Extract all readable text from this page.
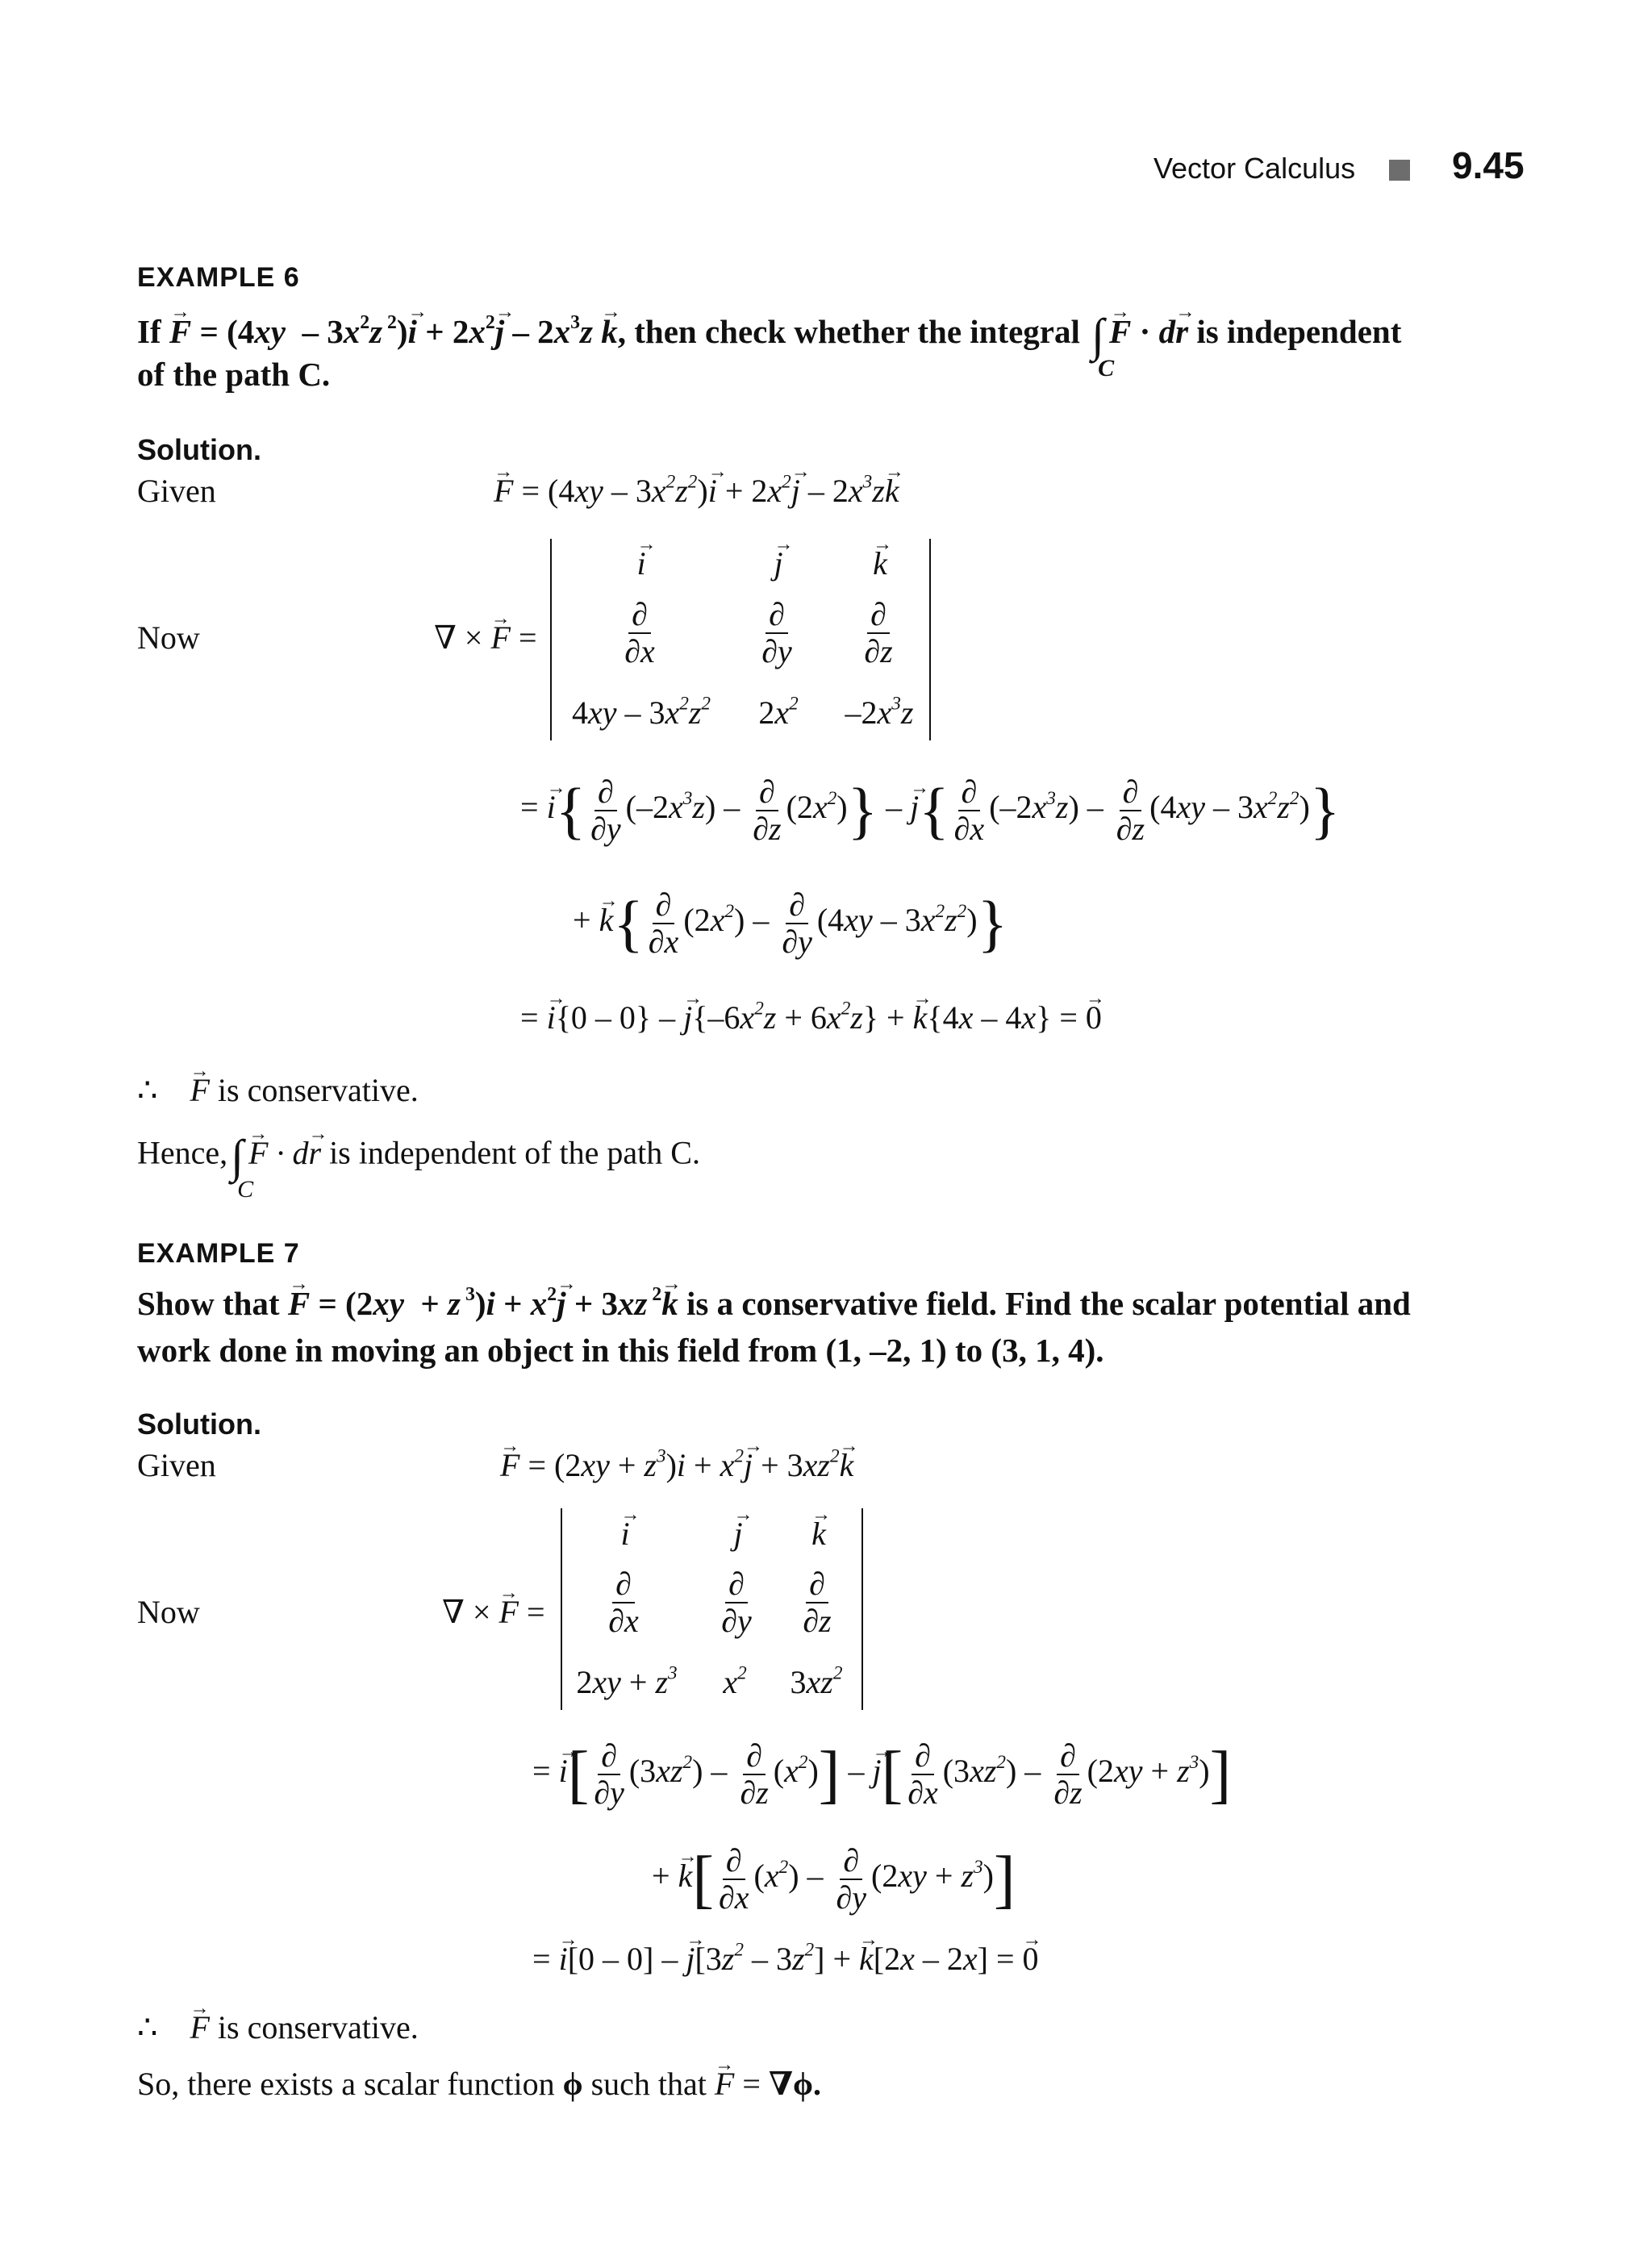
Vector Calculus	9.45
EXAMPLE 6
$If \to F = (4xy - 3x^2z$ $^2)\to i + 2x^2\to j - 2x^3z \to k$, then check whether the integral ∫
C
→ F · d→ r is independent
of the path C.
Solution.
Given	→ $F = (4xy - 3x^2z^2)\to i + 2x^2\to j - 2x^3z\to k$
Now	∇ × → F =
→ i	→ j	→ k
$\frac{\partial}{\partial x}$	$\frac{\partial}{\partial y} \frac{\partial}{\partial z}$
$4xy - 3x^2z^2$	$2x^2$	$-2x^3z$
= → $i\{ \frac{\partial}{\partial y} (-2x^3z) - \frac{\partial}{\partial z} (2x^2)\}$ – → $j\{ \frac{\partial}{\partial x} (-2x^3z) - \frac{\partial}{\partial z} (4xy - 3x^2z^2)\}$
+ → $k\{ \frac{\partial}{\partial x} (2x^2) - \frac{\partial}{\partial y} (4xy - 3x^2z^2)\}$
= → i{0 – 0} – → $j\{-6x^2z + 6x^2z\}$ + → k{4x – 4x} = → 0
∴ → F is conservative.
Hence,∫
C
→ F · d→ r is independent of the path C.
EXAMPLE 7
Show that → F = (2xy  + z $^3)i + x^2\to j + 3xz$ $^2$→ k is a conservative field. Find the scalar potential and
work done in moving an object in this field from (1, –2, 1) to (3, 1, 4).
Solution.
Given	→ $F = (2xy + z^3)i + x^2\to j + 3xz^2\to k$
Now	∇ × → F =
→ i	→ j	→ k
$\frac{\partial}{\partial x} \frac{\partial}{\partial y} \frac{\partial}{\partial z}$
$2xy + z^3$	$x^2$	$3xz^2$
= → $i[ \frac{\partial}{\partial y} (3xz^2) - \frac{\partial}{\partial z} (x^2)]$ – → $j[ \frac{\partial}{\partial x} (3xz^2) - \frac{\partial}{\partial z} (2xy + z^3)]$
+ → $k[ \frac{\partial}{\partial x} (x^2) - \frac{\partial}{\partial y} (2xy + z^3)]$
= → i[0 – 0] – → $j[3z^2 - 3z^2]$ + → k[2x – 2x] = → 0
∴ → F is conservative.
So, there exists a scalar function ϕ such that → F = ∇ϕ.
